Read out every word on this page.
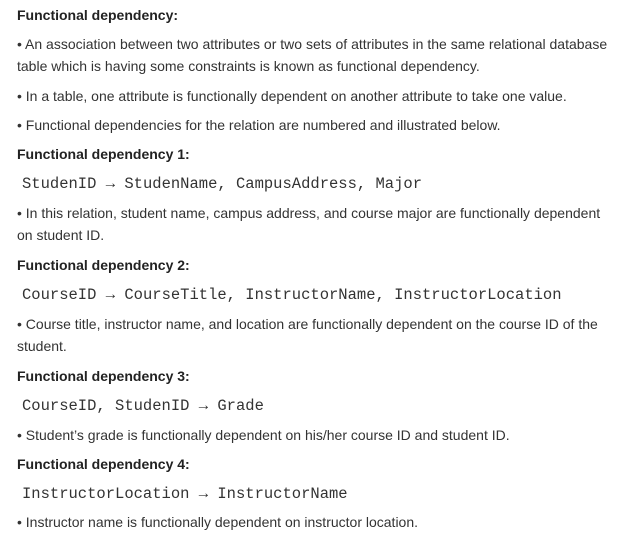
Functional dependency:

• An association between two attributes or two sets of attributes in the same relational database

table which is having some constraints is known as functional dependency.

• In a table, one attribute is functionally dependent on another attribute to take one value.

• Functional dependencies for the relation are numbered and illustrated below.

Functional dependency 1:

StudenID → StudenName, CampusAddress, Major

• In this relation, student name, campus address, and course major are functionally dependent

on student ID.

Functional dependency 2:

CourseID → CourseTitle, InstructorName, InstructorLocation

• Course title, instructor name, and location are functionally dependent on the course ID of the

student.

Functional dependency 3:

CourseID, StudenID → Grade

• Student’s grade is functionally dependent on his/her course ID and student ID.

Functional dependency 4:

InstructorLocation → InstructorName

• Instructor name is functionally dependent on instructor location.
